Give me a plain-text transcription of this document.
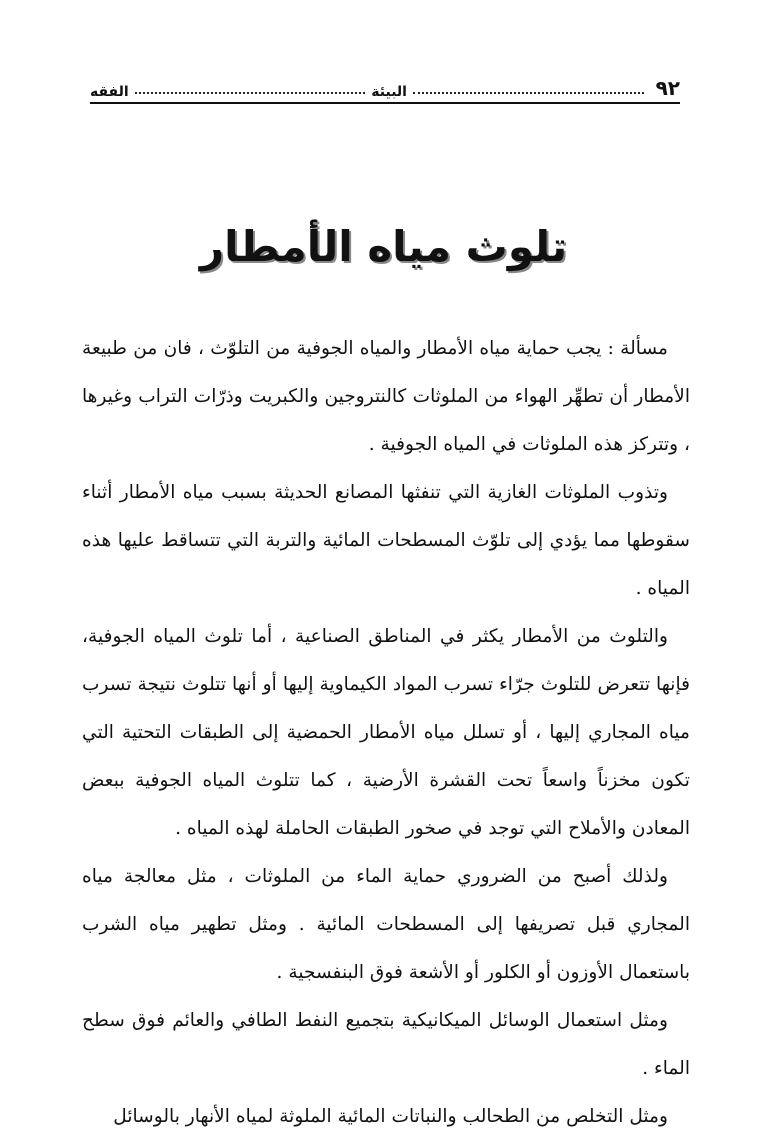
٩٢
البيئة
الفقه
تلوث مياه الأمطار

مسألة : يجب حماية مياه الأمطار والمياه الجوفية من التلوّث ، فان من طبيعة الأمطار أن تطهِّر الهواء من الملوثات كالنتروجين والكبريت وذرّات التراب وغيرها ، وتتركز هذه الملوثات في المياه الجوفية .

وتذوب الملوثات الغازية التي تنفثها المصانع الحديثة بسبب مياه الأمطار أثناء سقوطها مما يؤدي إلى تلوّث المسطحات المائية والتربة التي تتساقط عليها هذه المياه .

والتلوث من الأمطار يكثر في المناطق الصناعية ، أما تلوث المياه الجوفية، فإنها تتعرض للتلوث جرّاء تسرب المواد الكيماوية إليها أو أنها تتلوث نتيجة تسرب مياه المجاري إليها ، أو تسلل مياه الأمطار الحمضية إلى الطبقات التحتية التي تكون مخزناً واسعاً تحت القشرة الأرضية ، كما تتلوث المياه الجوفية ببعض المعادن والأملاح التي توجد في صخور الطبقات الحاملة لهذه المياه .

ولذلك أصبح من الضروري حماية الماء من الملوثات ، مثل معالجة مياه المجاري قبل تصريفها إلى المسطحات المائية . ومثل تطهير مياه الشرب باستعمال الأوزون أو الكلور أو الأشعة فوق البنفسجية .

ومثل استعمال الوسائل الميكانيكية بتجميع النفط الطافي والعائم فوق سطح الماء .

ومثل التخلص من الطحالب والنباتات المائية الملوثة لمياه الأنهار بالوسائل
